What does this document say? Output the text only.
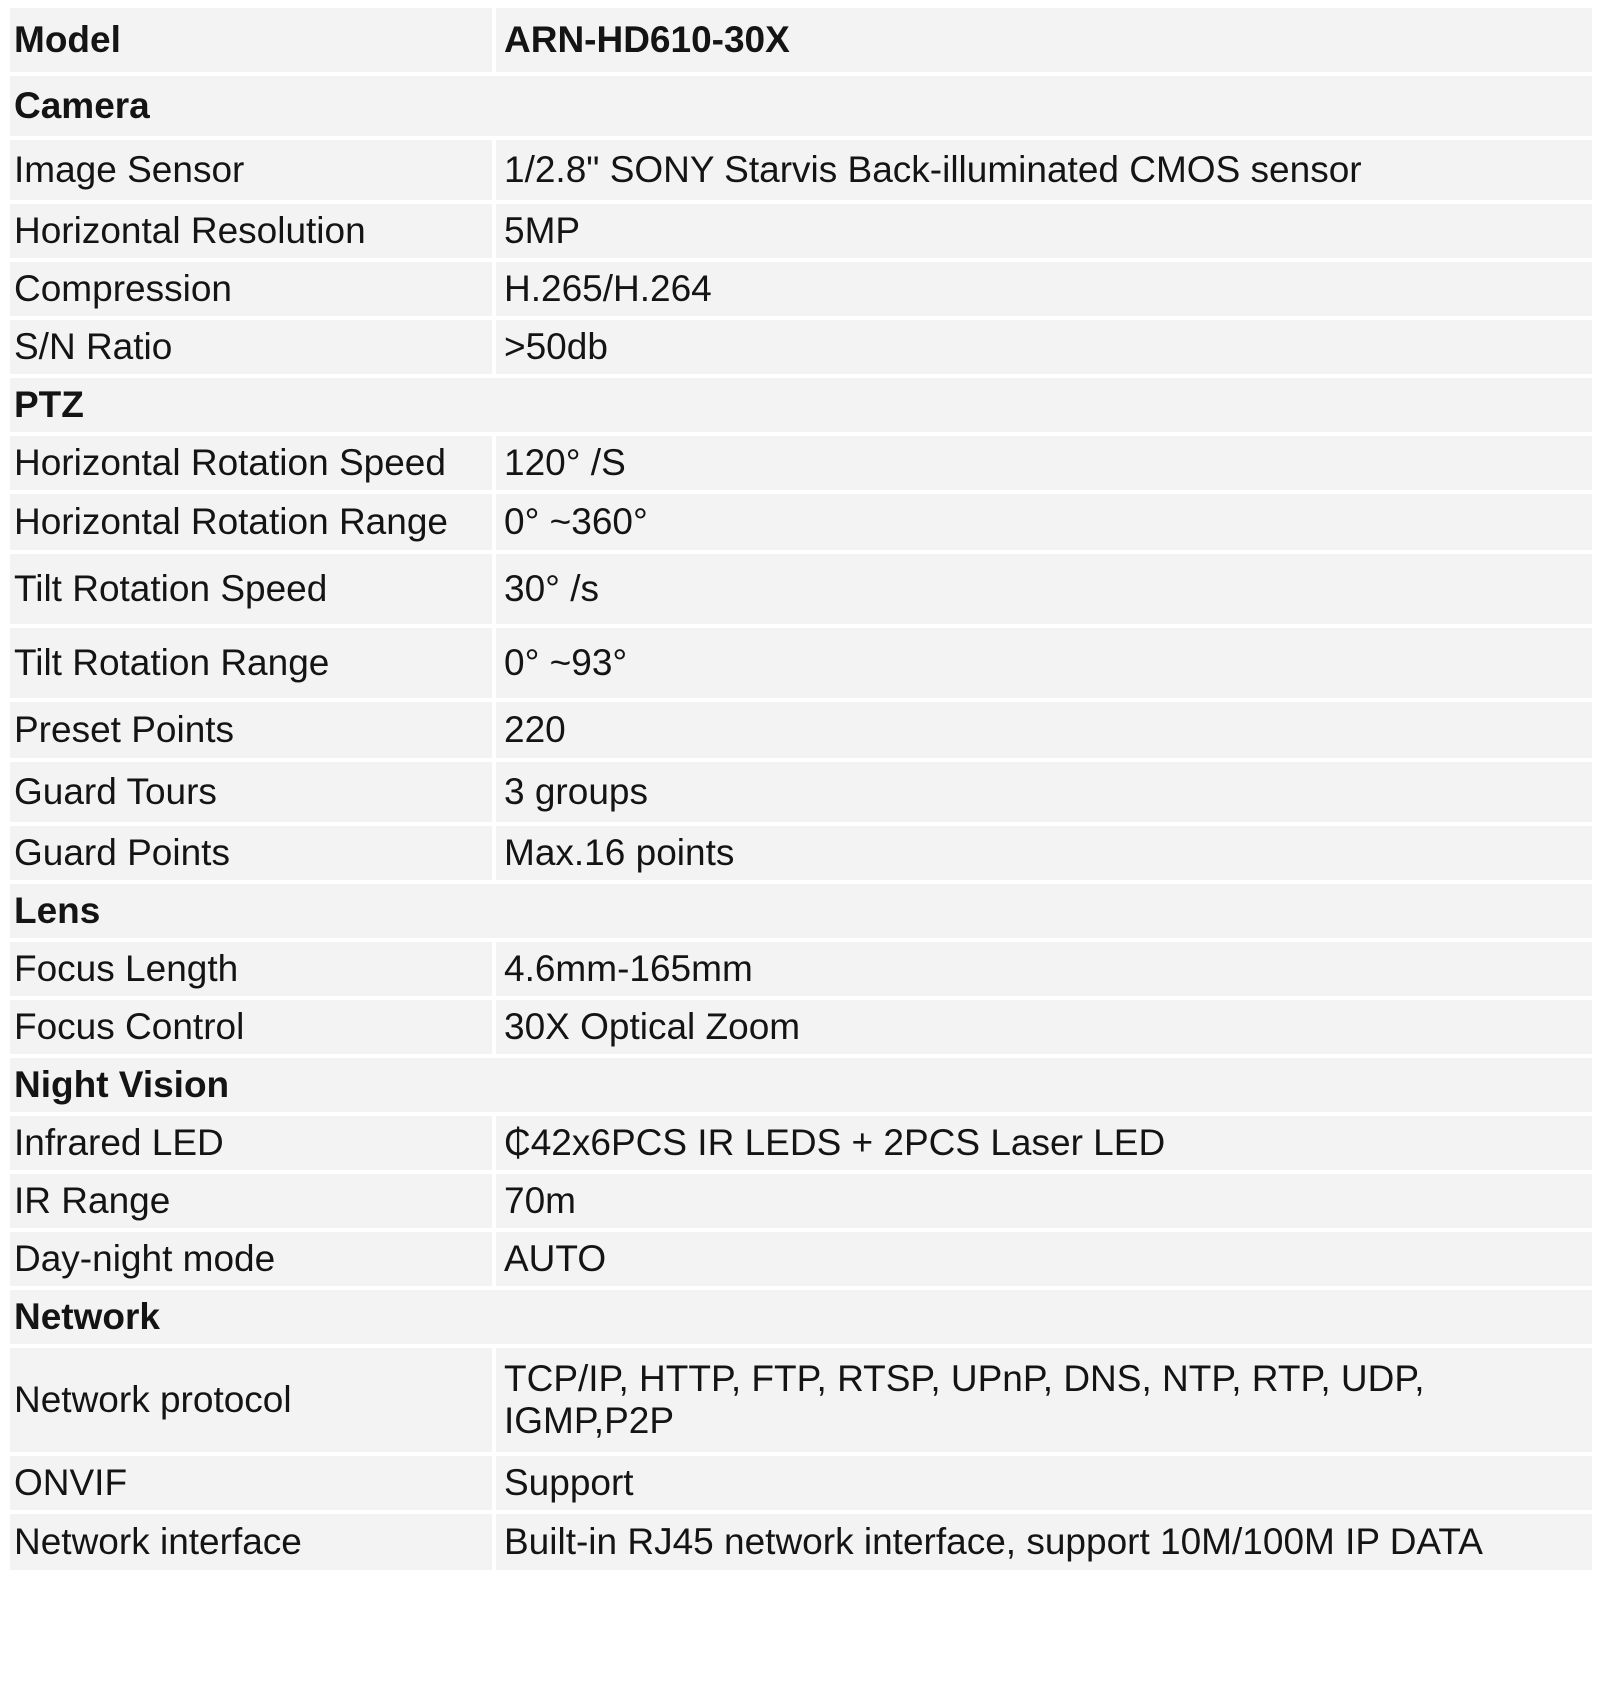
Model	ARN-HD610-30X
Camera	
Image Sensor	1/2.8" SONY Starvis Back-illuminated CMOS sensor
Horizontal Resolution	5MP
Compression	H.265/H.264
S/N Ratio	>50db
PTZ	
Horizontal Rotation Speed	120° /S
Horizontal Rotation Range	0° ~360°
Tilt Rotation Speed	30° /s
Tilt Rotation Range	0° ~93°
Preset Points	220
Guard Tours	3 groups
Guard Points	Max.16 points
Lens	
Focus Length	4.6mm-165mm
Focus Control	30X Optical Zoom
Night Vision	
Infrared LED	₵42x6PCS IR LEDS + 2PCS Laser LED
IR Range	70m
Day-night mode	AUTO
Network	
Network protocol	TCP/IP, HTTP, FTP, RTSP, UPnP, DNS, NTP, RTP, UDP, IGMP,P2P
ONVIF	Support
Network interface	Built-in RJ45 network interface, support 10M/100M IP DATA
